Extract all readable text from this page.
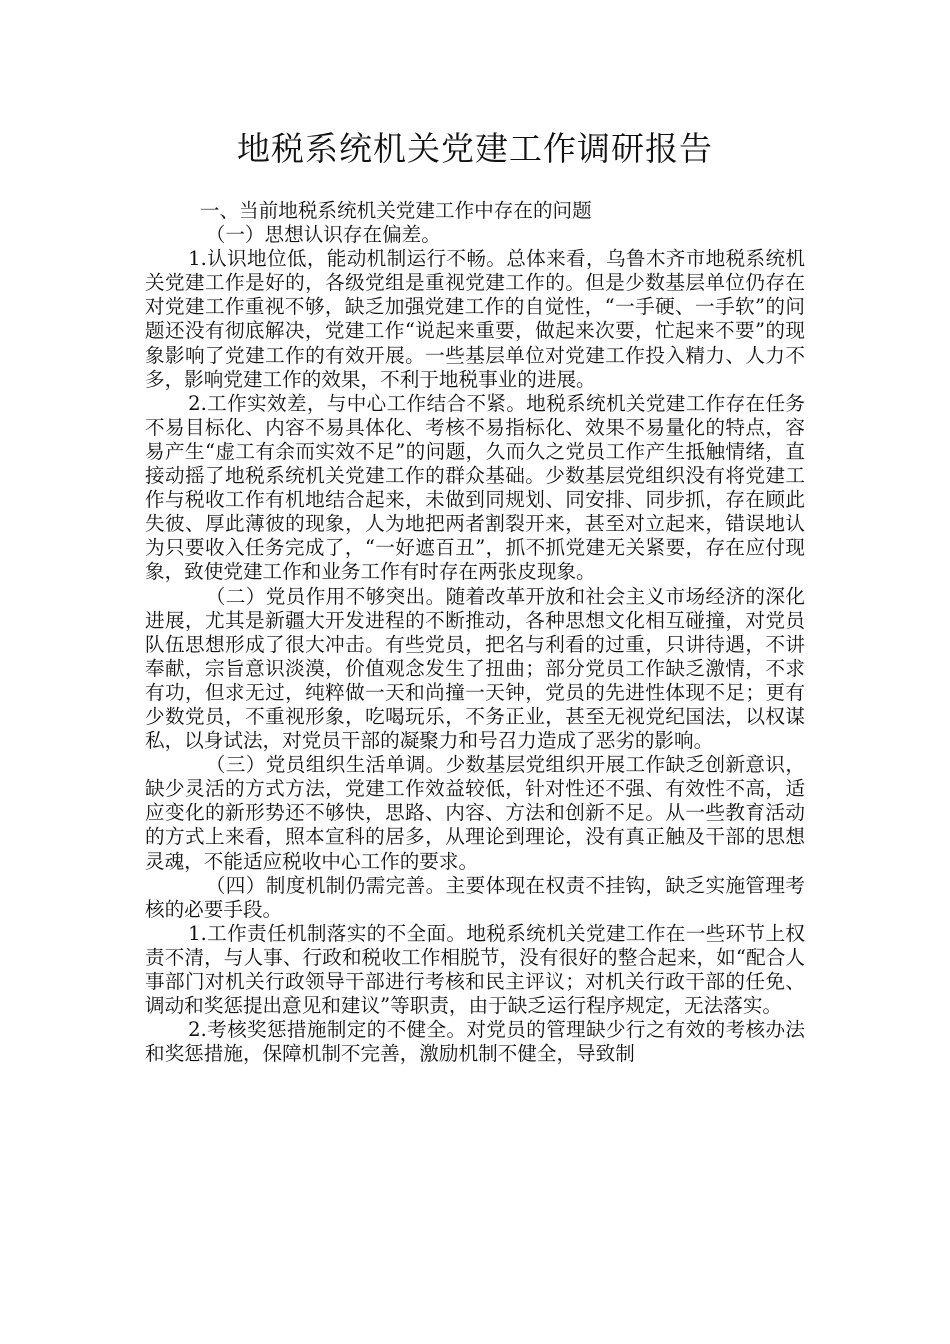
地税系统机关党建工作调研报告

一、当前地税系统机关党建工作中存在的问题

（一）思想认识存在偏差。

1.认识地位低，能动机制运行不畅。总体来看，乌鲁木齐市地税系统机关党建工作是好的，各级党组是重视党建工作的。但是少数基层单位仍存在对党建工作重视不够，缺乏加强党建工作的自觉性，“一手硬、一手软”的问题还没有彻底解决，党建工作“说起来重要，做起来次要，忙起来不要”的现象影响了党建工作的有效开展。一些基层单位对党建工作投入精力、人力不多，影响党建工作的效果，不利于地税事业的进展。

2.工作实效差，与中心工作结合不紧。地税系统机关党建工作存在任务不易目标化、内容不易具体化、考核不易指标化、效果不易量化的特点，容易产生“虚工有余而实效不足”的问题，久而久之党员工作产生抵触情绪，直接动摇了地税系统机关党建工作的群众基础。少数基层党组织没有将党建工作与税收工作有机地结合起来，未做到同规划、同安排、同步抓，存在顾此失彼、厚此薄彼的现象，人为地把两者割裂开来，甚至对立起来，错误地认为只要收入任务完成了，“一好遮百丑”，抓不抓党建无关紧要，存在应付现象，致使党建工作和业务工作有时存在两张皮现象。

（二）党员作用不够突出。随着改革开放和社会主义市场经济的深化进展，尤其是新疆大开发进程的不断推动，各种思想文化相互碰撞，对党员队伍思想形成了很大冲击。有些党员，把名与利看的过重，只讲待遇，不讲奉献，宗旨意识淡漠，价值观念发生了扭曲；部分党员工作缺乏激情，不求有功，但求无过，纯粹做一天和尚撞一天钟，党员的先进性体现不足；更有少数党员，不重视形象，吃喝玩乐，不务正业，甚至无视党纪国法，以权谋私，以身试法，对党员干部的凝聚力和号召力造成了恶劣的影响。

（三）党员组织生活单调。少数基层党组织开展工作缺乏创新意识，缺少灵活的方式方法，党建工作效益较低，针对性还不强、有效性不高，适应变化的新形势还不够快，思路、内容、方法和创新不足。从一些教育活动的方式上来看，照本宣科的居多，从理论到理论，没有真正触及干部的思想灵魂，不能适应税收中心工作的要求。

（四）制度机制仍需完善。主要体现在权责不挂钩，缺乏实施管理考核的必要手段。

1.工作责任机制落实的不全面。地税系统机关党建工作在一些环节上权责不清，与人事、行政和税收工作相脱节，没有很好的整合起来，如“配合人事部门对机关行政领导干部进行考核和民主评议；对机关行政干部的任免、调动和奖惩提出意见和建议”等职责，由于缺乏运行程序规定，无法落实。

2.考核奖惩措施制定的不健全。对党员的管理缺少行之有效的考核办法和奖惩措施，保障机制不完善，激励机制不健全，导致制
